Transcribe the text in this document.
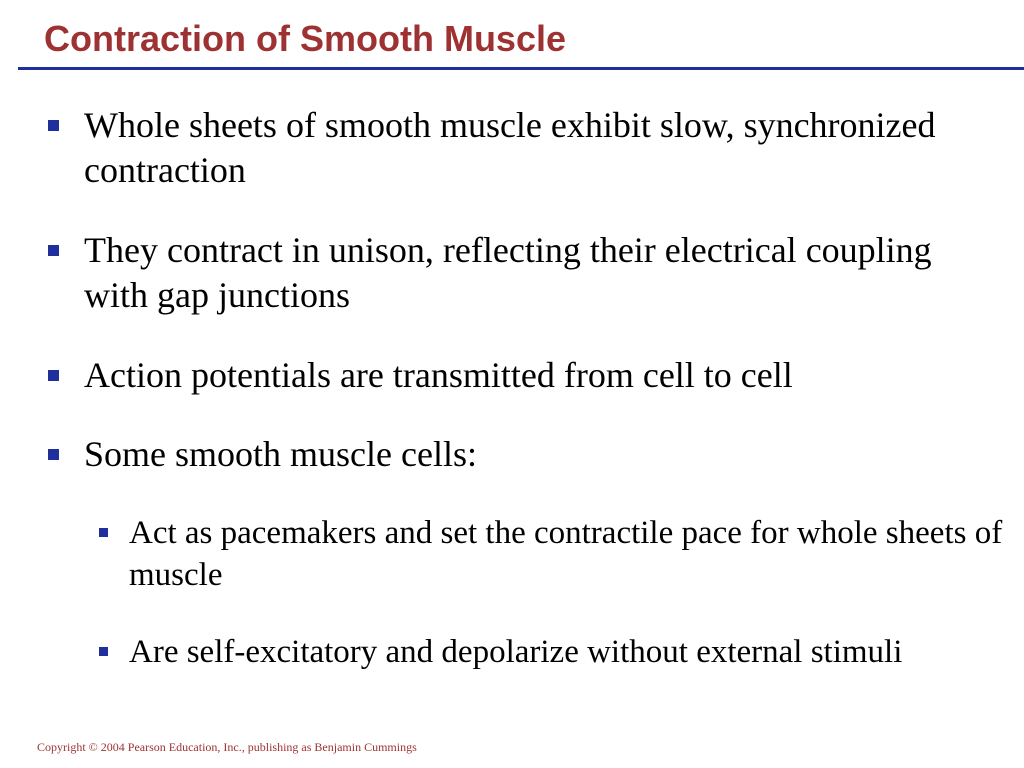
Contraction of Smooth Muscle
Whole sheets of smooth muscle exhibit slow, synchronized contraction
They contract in unison, reflecting their electrical coupling with gap junctions
Action potentials are transmitted from cell to cell
Some smooth muscle cells:
Act as pacemakers and set the contractile pace for whole sheets of muscle
Are self-excitatory and depolarize without external stimuli
Copyright © 2004 Pearson Education, Inc., publishing as Benjamin Cummings
